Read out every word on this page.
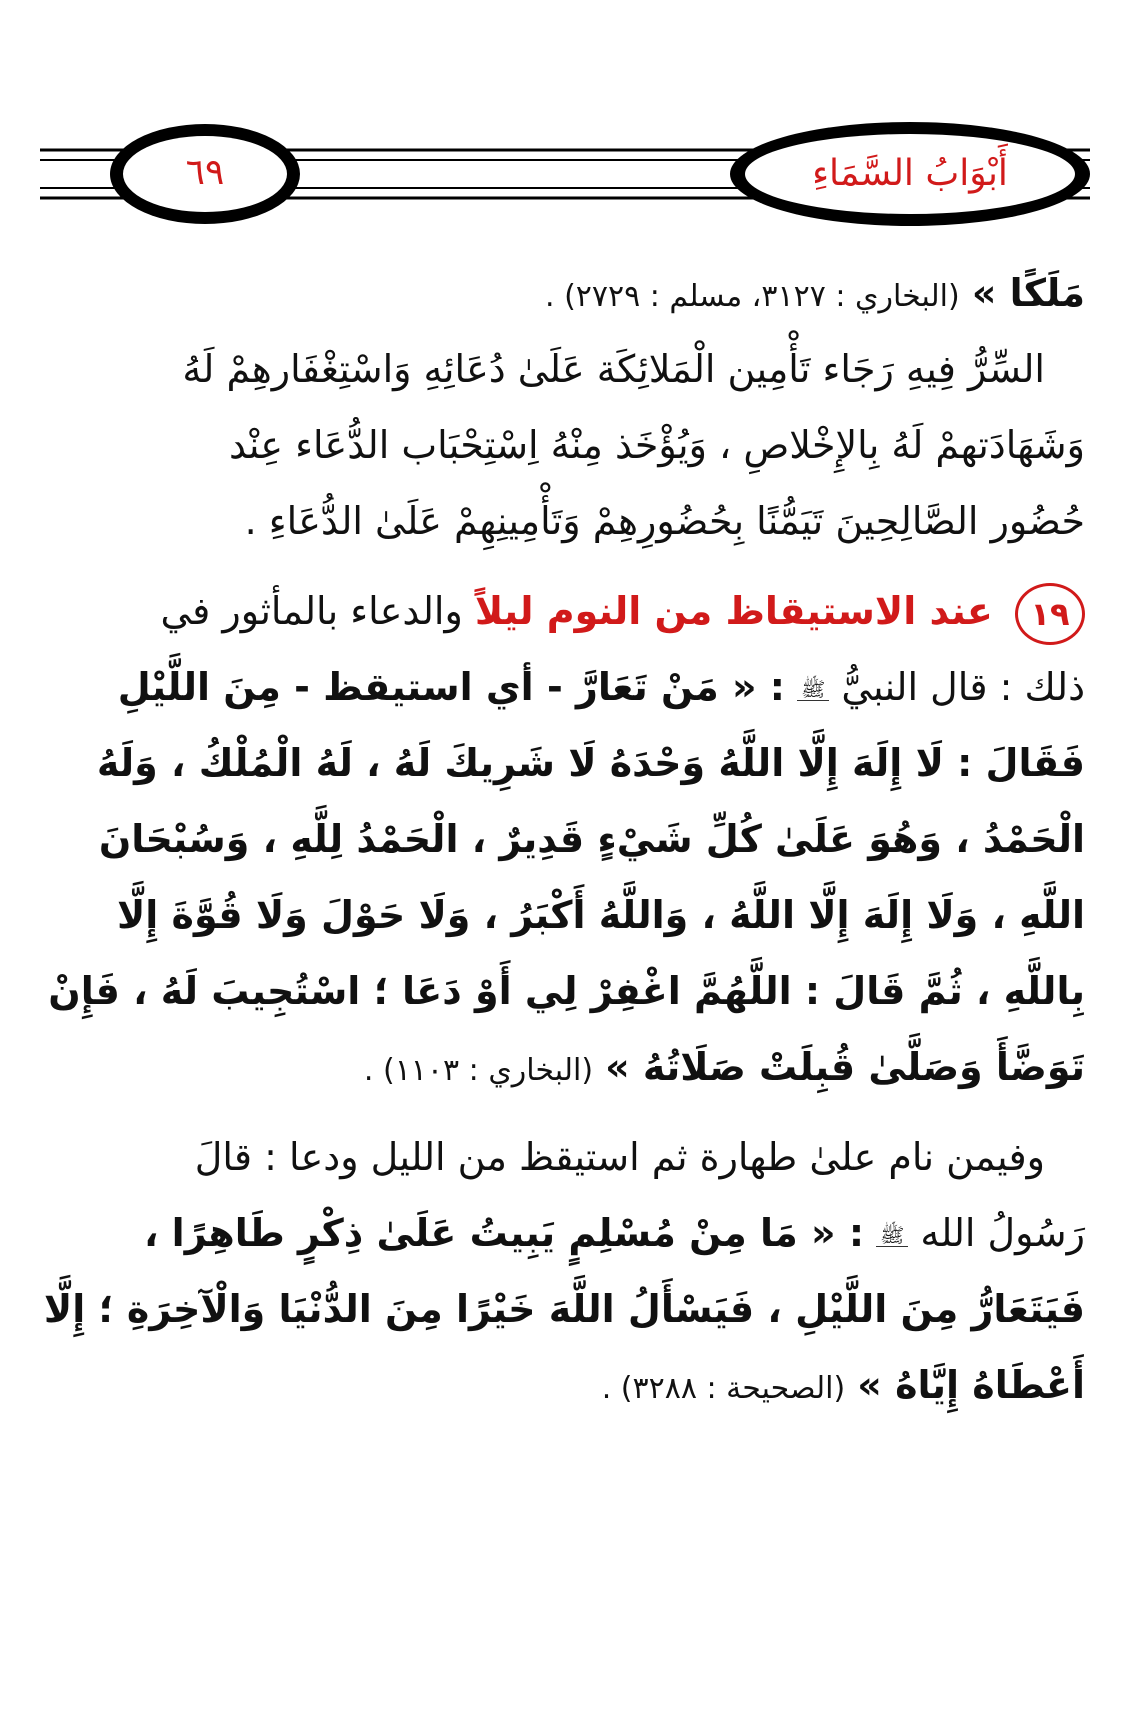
٦٩	أَبْوَابُ السَّمَاءِ
مَلَكًا » (البخاري : ٣١٢٧، مسلم : ٢٧٢٩) .
السِّرُّ فِيهِ رَجَاء تَأْمِين الْمَلائِكَة عَلَىٰ دُعَائِهِ وَاسْتِغْفَارهِمْ لَهُ
وَشَهَادَتهمْ لَهُ بِالإِخْلاصِ ، وَيُؤْخَذ مِنْهُ اِسْتِحْبَاب الدُّعَاء عِنْد
حُضُور الصَّالِحِينَ تَيَمُّنًا بِحُضُورِهِمْ وَتَأْمِينِهِمْ عَلَىٰ الدُّعَاءِ .
١٩ عند الاستيقاظ من النوم ليلاً والدعاء بالمأثور في
ذلك : قال النبيُّ ﷺ : « مَنْ تَعَارَّ - أي استيقظ - مِنَ اللَّيْلِ
فَقَالَ : لَا إِلَهَ إِلَّا اللَّهُ وَحْدَهُ لَا شَرِيكَ لَهُ ، لَهُ الْمُلْكُ ، وَلَهُ
الْحَمْدُ ، وَهُوَ عَلَىٰ كُلِّ شَيْءٍ قَدِيرٌ ، الْحَمْدُ لِلَّهِ ، وَسُبْحَانَ
اللَّهِ ، وَلَا إِلَهَ إِلَّا اللَّهُ ، وَاللَّهُ أَكْبَرُ ، وَلَا حَوْلَ وَلَا قُوَّةَ إِلَّا
بِاللَّهِ ، ثُمَّ قَالَ : اللَّهُمَّ اغْفِرْ لِي أَوْ دَعَا ؛ اسْتُجِيبَ لَهُ ، فَإِنْ
تَوَضَّأَ وَصَلَّىٰ قُبِلَتْ صَلَاتُهُ » (البخاري : ١١٠٣) .
وفيمن نام علىٰ طهارة ثم استيقظ من الليل ودعا : قالَ
رَسُولُ الله ﷺ : « مَا مِنْ مُسْلِمٍ يَبِيتُ عَلَىٰ ذِكْرٍ طَاهِرًا ،
فَيَتَعَارُّ مِنَ اللَّيْلِ ، فَيَسْأَلُ اللَّهَ خَيْرًا مِنَ الدُّنْيَا وَالْآخِرَةِ ؛ إِلَّا
أَعْطَاهُ إِيَّاهُ » (الصحيحة : ٣٢٨٨) .
